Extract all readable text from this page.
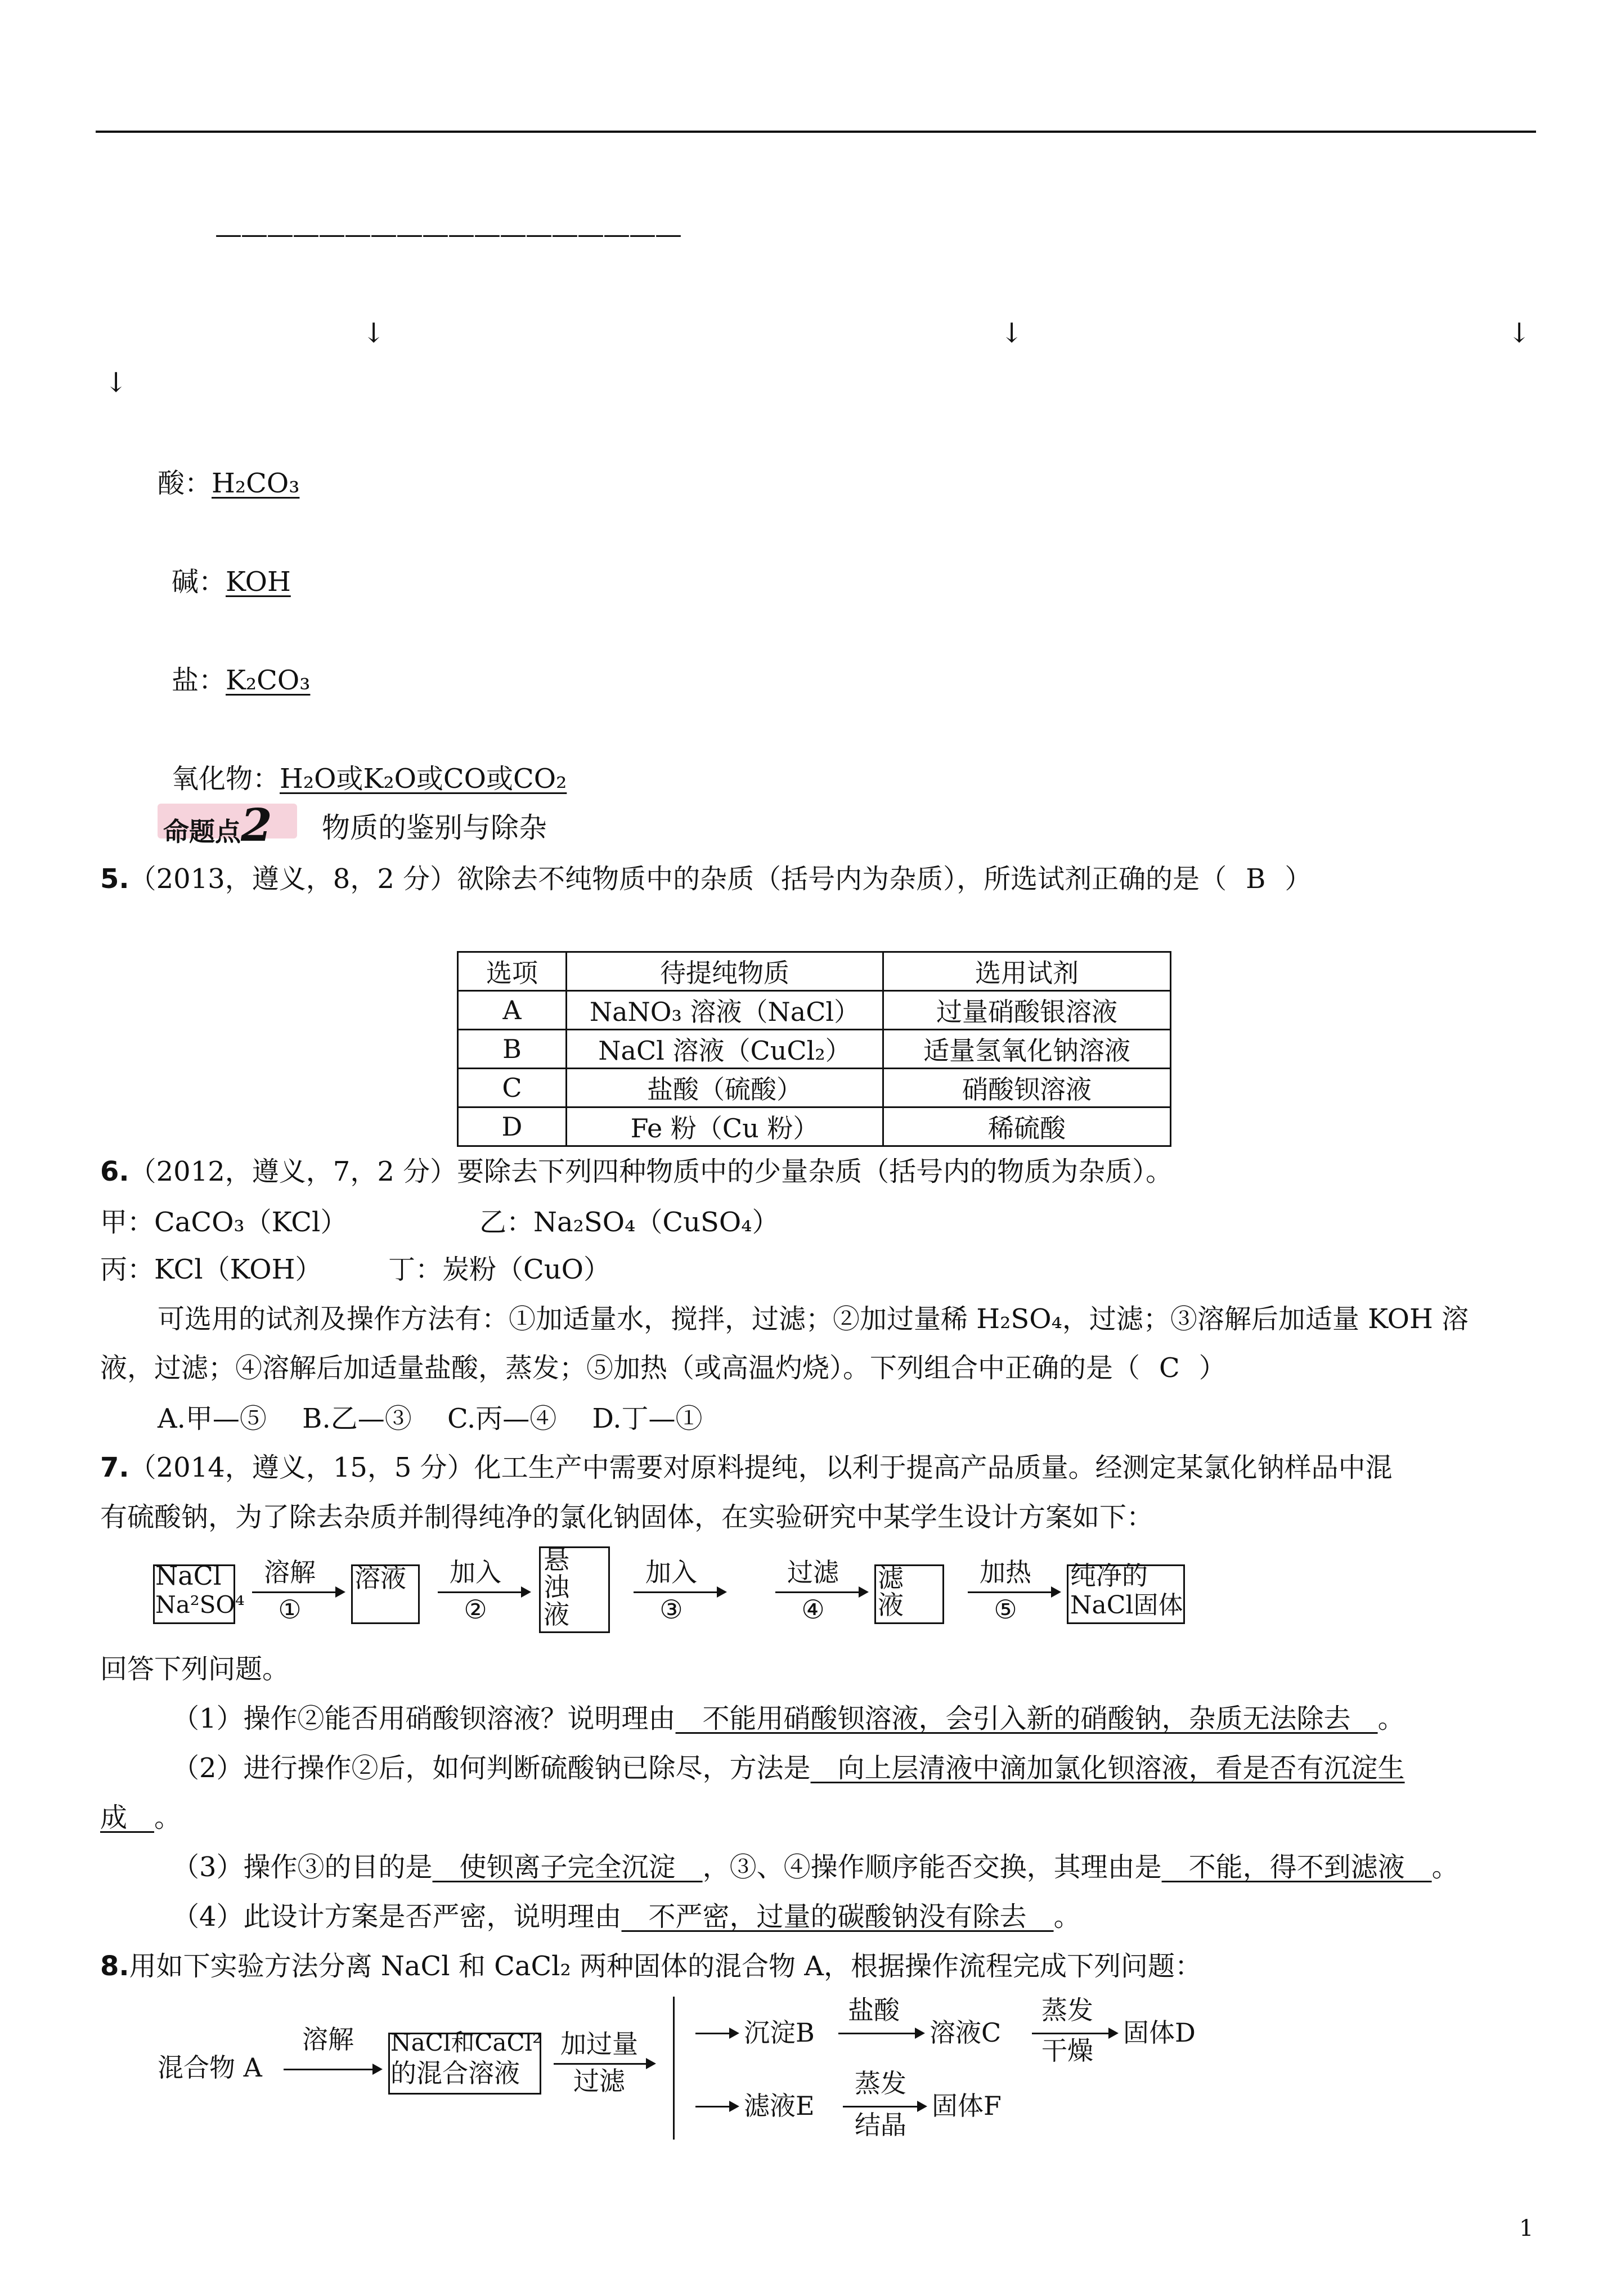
——————————————————
↓	↓	↓
↓
酸：H₂CO₃
碱：KOH
盐：K₂CO₃
氧化物：H₂O或K₂O或CO或CO₂
命题点2 物质的鉴别与除杂
5.（2013，遵义，8，2 分）欲除去不纯物质中的杂质（括号内为杂质），所选试剂正确的是（ B ）
选项	待提纯物质	选用试剂
A	NaNO₃ 溶液（NaCl）	过量硝酸银溶液
B	NaCl 溶液（CuCl₂）	适量氢氧化钠溶液
C	盐酸（硫酸）	硝酸钡溶液
D	Fe 粉（Cu 粉）	稀硫酸
6.（2012，遵义，7，2 分）要除去下列四种物质中的少量杂质（括号内的物质为杂质）。
甲：CaCO₃（KCl）	乙：Na₂SO₄（CuSO₄）
丙：KCl（KOH） 丁：炭粉（CuO）
可选用的试剂及操作方法有：①加适量水，搅拌，过滤；②加过量稀 H₂SO₄，过滤；③溶解后加适量 KOH 溶
液，过滤；④溶解后加适量盐酸，蒸发；⑤加热（或高温灼烧）。下列组合中正确的是（ C ）
A.甲—⑤　 B.乙—③　 C.丙—④　 D.丁—①
7.（2014，遵义，15，5 分）化工生产中需要对原料提纯，以利于提高产品质量。经测定某氯化钠样品中混
有硫酸钠，为了除去杂质并制得纯净的氯化钠固体，在实验研究中某学生设计方案如下：
NaCl
Na²SO⁴
溶解
①
溶液	加入
②
悬浊液
加入
③
过滤
④
滤液
加热
⑤
纯净的
NaCl固体
回答下列问题。
（1）操作②能否用硝酸钡溶液？说明理由　不能用硝酸钡溶液，会引入新的硝酸钠，杂质无法除去　。
（2）进行操作②后，如何判断硫酸钠已除尽，方法是　向上层清液中滴加氯化钡溶液，看是否有沉淀生
成　。
（3）操作③的目的是　使钡离子完全沉淀　，③、④操作顺序能否交换，其理由是　不能，得不到滤液　。
（4）此设计方案是否严密，说明理由　不严密，过量的碳酸钠没有除去　。
8.用如下实验方法分离 NaCl 和 CaCl₂ 两种固体的混合物 A，根据操作流程完成下列问题：
混合物 A
溶解	NaCl和CaCl²
的混合溶液
加过量
过滤
沉淀B
盐酸
溶液C
蒸发
干燥
固体D
滤液E
蒸发
结晶
固体F
1
